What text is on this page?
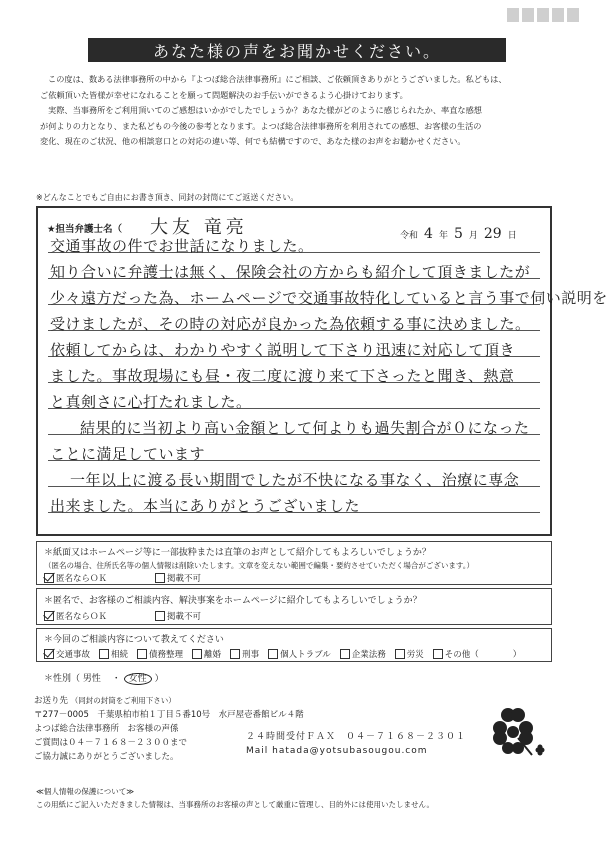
あなた様の声をお聞かせください。

この度は、数ある法律事務所の中から『よつば総合法律事務所』にご相談、ご依頼頂きありがとうございました。私どもは、

ご依頼頂いた皆様が幸せになれることを願って問題解決のお手伝いができるよう心掛けております。

実際、当事務所をご利用頂いてのご感想はいかがでしたでしょうか？あなた様がどのように感じられたか、率直な感想

が何よりの力となり、また私どもの今後の参考となります。よつば総合法律事務所を利用されての感想、お客様の生活の

変化、現在のご状況、他の相談窓口との対応の違い等、何でも結構ですので、あなた様のお声をお聴かせください。

※どんなことでもご自由にお書き頂き、同封の封筒にてご返送ください。
★担当弁護士名（ 大友 竜亮	令和 4 年 5 月 29 日
交通事故の件でお世話になりました。
知り合いに弁護士は無く、保険会社の方からも紹介して頂きましたが
少々遠方だった為、ホームページで交通事故特化していると言う事で伺い説明を
受けましたが、その時の対応が良かった為依頼する事に決めました。
依頼してからは、わかりやすく説明して下さり迅速に対応して頂き
ました。事故現場にも昼・夜二度に渡り来て下さったと聞き、熱意
と真剣さに心打たれました。
結果的に当初より高い金額として何よりも過失割合が０になった
ことに満足しています
一年以上に渡る長い期間でしたが不快になる事なく、治療に専念
出来ました。本当にありがとうございました
＊紙面又はホームページ等に一部抜粋または直筆のお声として紹介してもよろしいでしょうか？
（匿名の場合、住所氏名等の個人情報は削除いたします。文章を変えない範囲で編集・要約させていただく場合がございます。）
匿名ならＯＫ	掲載不可
＊匿名で、お客様のご相談内容、解決事案をホームページに紹介してもよろしいでしょうか？
匿名ならＯＫ	掲載不可
＊今回のご相談内容について教えてください
交通事故 相続 債務整理 離婚 刑事 個人トラブル 企業法務 労災 その他（	）
＊性別（ 男性 ・ 女性 ）
お送り先 （同封の封筒をご利用下さい）
〒277－0005　千葉県柏市柏１丁目５番10号　水戸屋壱番館ビル４階
よつば総合法律事務所　お客様の声係
ご質問は０４－７１６８－２３００まで
ご協力誠にありがとうございました。
２４時間受付ＦＡＸ　０４－７１６８－２３０１
Mail hatada@yotsubasougou.com
≪個人情報の保護について≫
この用紙にご記入いただきました情報は、当事務所のお客様の声として厳重に管理し、目的外には使用いたしません。
